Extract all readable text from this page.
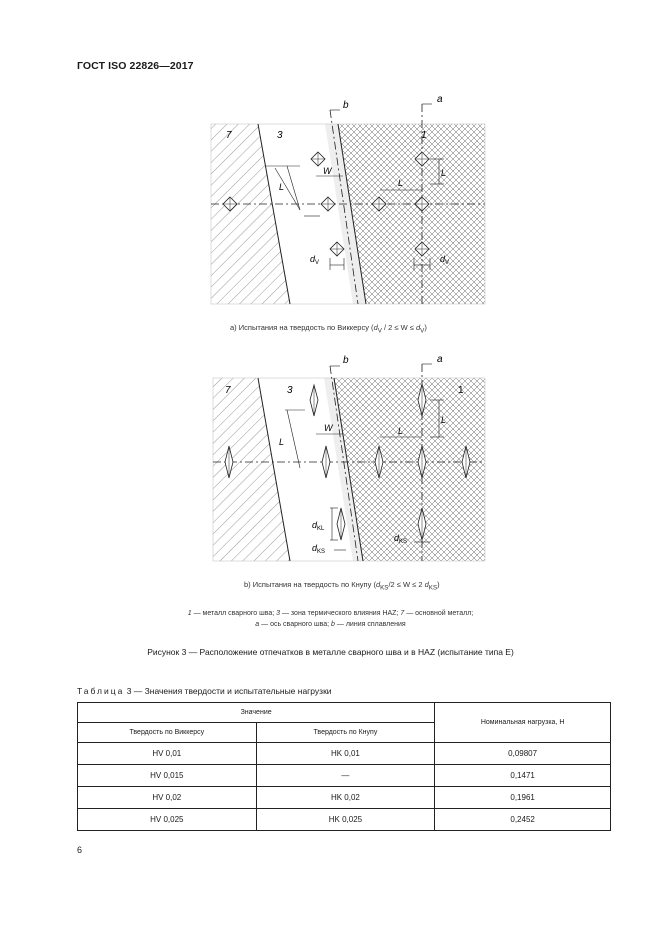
ГОСТ ISO 22826—2017
7	3	1
b
a
L
W
L
L
$d_V$	$d_V$
a) Испытания на твердость по Виккерсу $(d_V / 2 \le W \le d_V)$
7	3	1
b	a
L
W	L
L
$d_{KL}$
$d_{KS}$
$d_{KS}$
b) Испытания на твердость по Кнупу ($d_{KS}/2 \le W \le 2$ $d_{KS}$)
1 — металл сварного шва; 3 — зона термического влияния HAZ; 7 — основной металл;
a — ось сварного шва; b — линия сплавления
Рисунок 3 — Расположение отпечатков в металле сварного шва и в HAZ (испытание типа Е)
Таблица 3 — Значения твердости и испытательные нагрузки
Значение		Номинальная нагрузка, Н
Твердость по Виккерсу	Твердость по Кнупу	
HV 0,01	HK 0,01	0,09807
HV 0,015	—	0,1471
HV 0,02	HK 0,02	0,1961
HV 0,025	HK 0,025	0,2452
6
